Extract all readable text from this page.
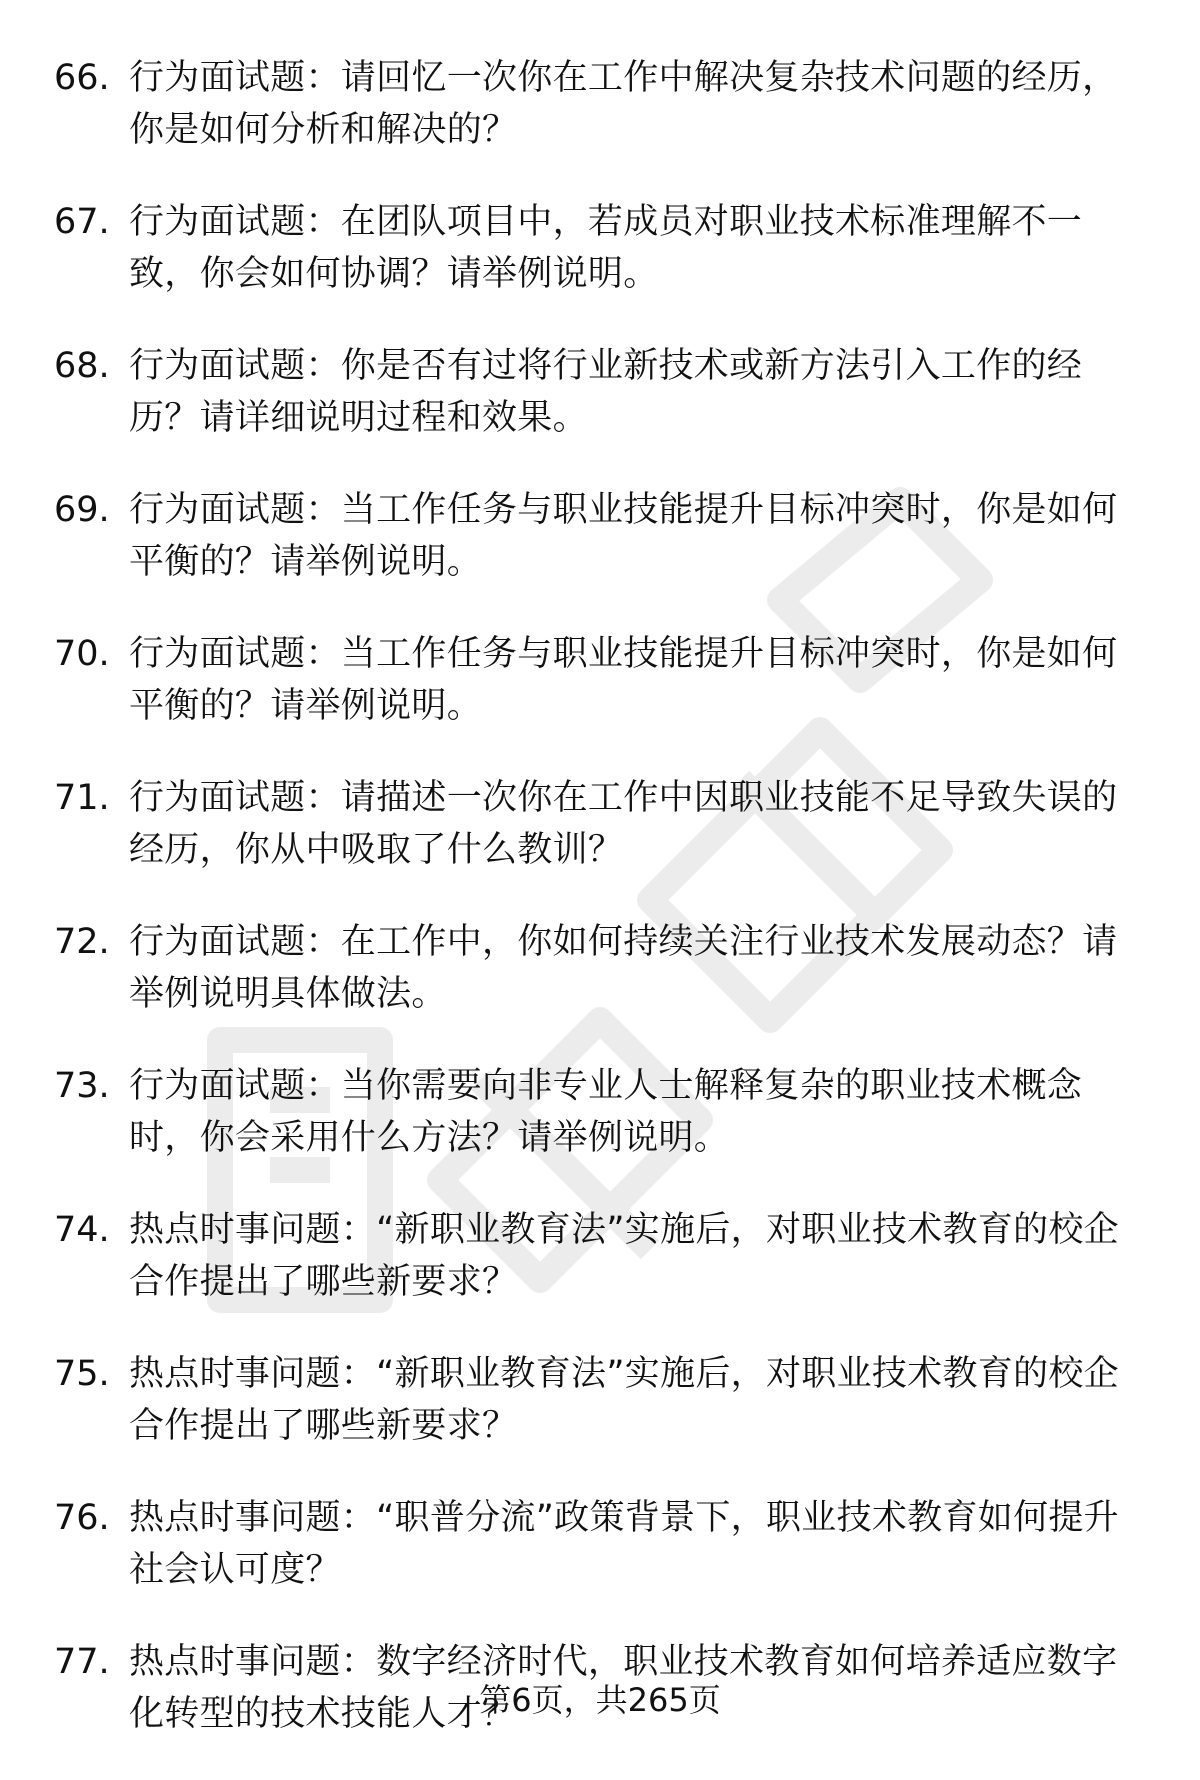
66. 行为面试题：请回忆一次你在工作中解决复杂技术问题的经历，你是如何分析和解决的？
67. 行为面试题：在团队项目中，若成员对职业技术标准理解不一致，你会如何协调？请举例说明。
68. 行为面试题：你是否有过将行业新技术或新方法引入工作的经历？请详细说明过程和效果。
69. 行为面试题：当工作任务与职业技能提升目标冲突时，你是如何平衡的？请举例说明。
70. 行为面试题：当工作任务与职业技能提升目标冲突时，你是如何平衡的？请举例说明。
71. 行为面试题：请描述一次你在工作中因职业技能不足导致失误的经历，你从中吸取了什么教训？
72. 行为面试题：在工作中，你如何持续关注行业技术发展动态？请举例说明具体做法。
73. 行为面试题：当你需要向非专业人士解释复杂的职业技术概念时，你会采用什么方法？请举例说明。
74. 热点时事问题：“新职业教育法”实施后，对职业技术教育的校企合作提出了哪些新要求？
75. 热点时事问题：“新职业教育法”实施后，对职业技术教育的校企合作提出了哪些新要求？
76. 热点时事问题：“职普分流”政策背景下，职业技术教育如何提升社会认可度？
77. 热点时事问题：数字经济时代，职业技术教育如何培养适应数字化转型的技术技能人才？
第6页，共265页
